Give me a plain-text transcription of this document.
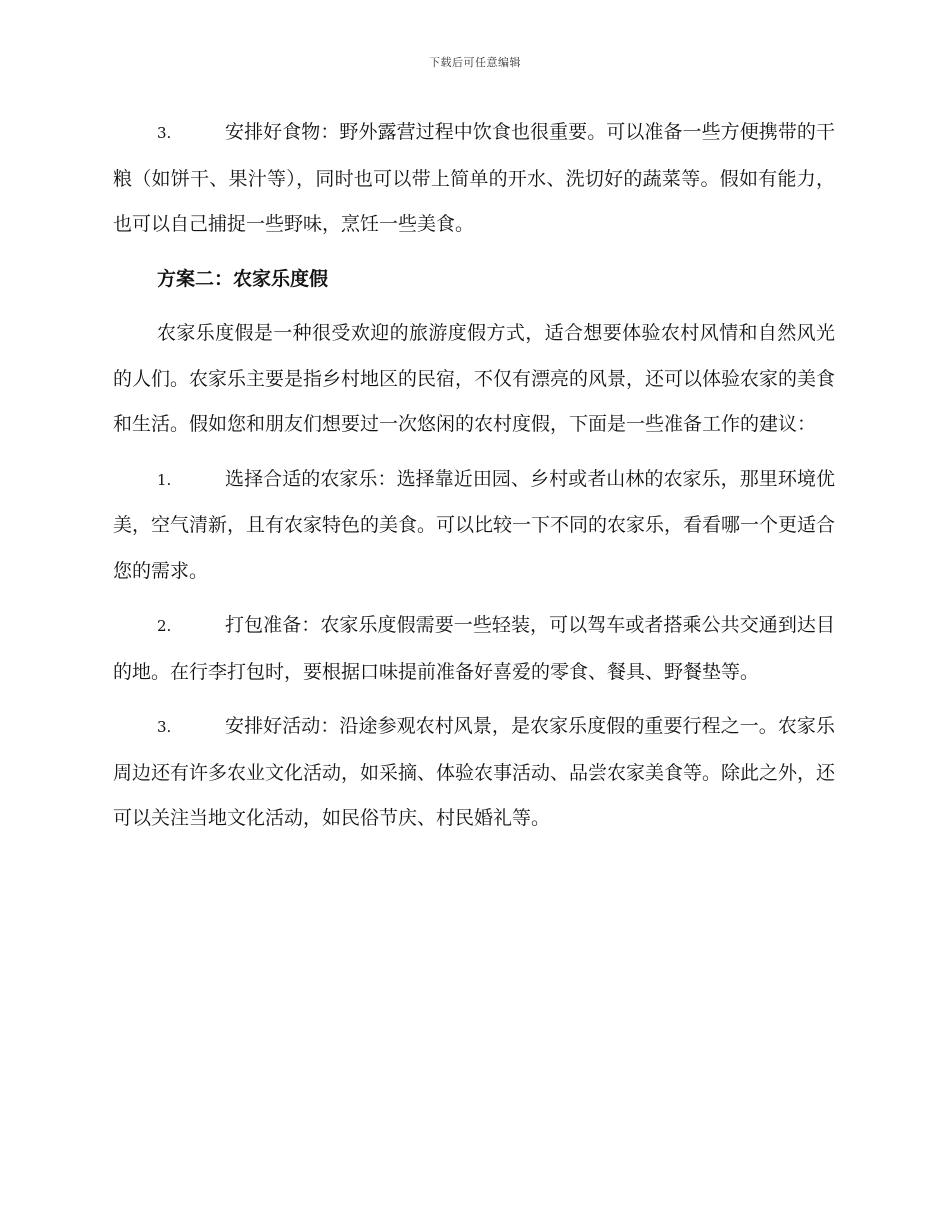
下载后可任意编辑

3.	安排好食物：野外露营过程中饮食也很重要。可以准备一些方便携带的干粮（如饼干、果汁等），同时也可以带上简单的开水、洗切好的蔬菜等。假如有能力，也可以自己捕捉一些野味，烹饪一些美食。

方案二：农家乐度假

农家乐度假是一种很受欢迎的旅游度假方式，适合想要体验农村风情和自然风光的人们。农家乐主要是指乡村地区的民宿，不仅有漂亮的风景，还可以体验农家的美食和生活。假如您和朋友们想要过一次悠闲的农村度假，下面是一些准备工作的建议：

1.	选择合适的农家乐：选择靠近田园、乡村或者山林的农家乐，那里环境优美，空气清新，且有农家特色的美食。可以比较一下不同的农家乐，看看哪一个更适合您的需求。

2.	打包准备：农家乐度假需要一些轻装，可以驾车或者搭乘公共交通到达目的地。在行李打包时，要根据口味提前准备好喜爱的零食、餐具、野餐垫等。

3.	安排好活动：沿途参观农村风景，是农家乐度假的重要行程之一。农家乐周边还有许多农业文化活动，如采摘、体验农事活动、品尝农家美食等。除此之外，还可以关注当地文化活动，如民俗节庆、村民婚礼等。
